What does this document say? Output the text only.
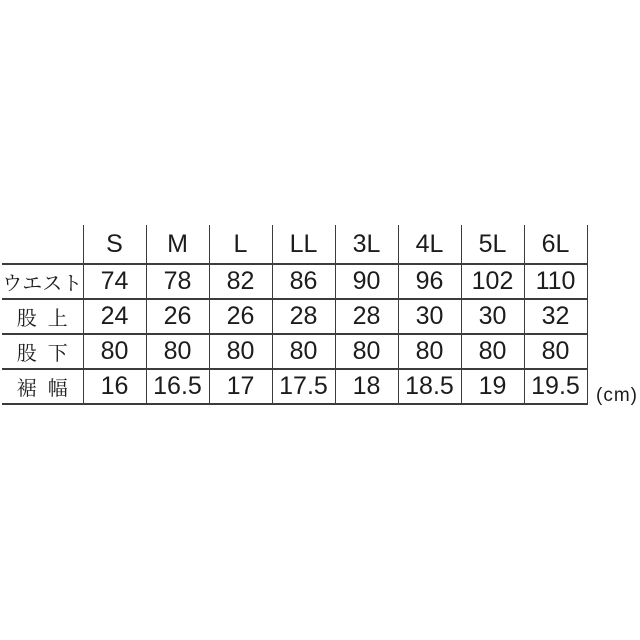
	S	M	L	LL	3L	4L	5L	6L
ウエスト	74	78	82	86	90	96	102	110
股上	24	26	26	28	28	30	30	32
股下	80	80	80	80	80	80	80	80
裾幅	16	16.5	17	17.5	18	18.5	19	19.5 (cm)
